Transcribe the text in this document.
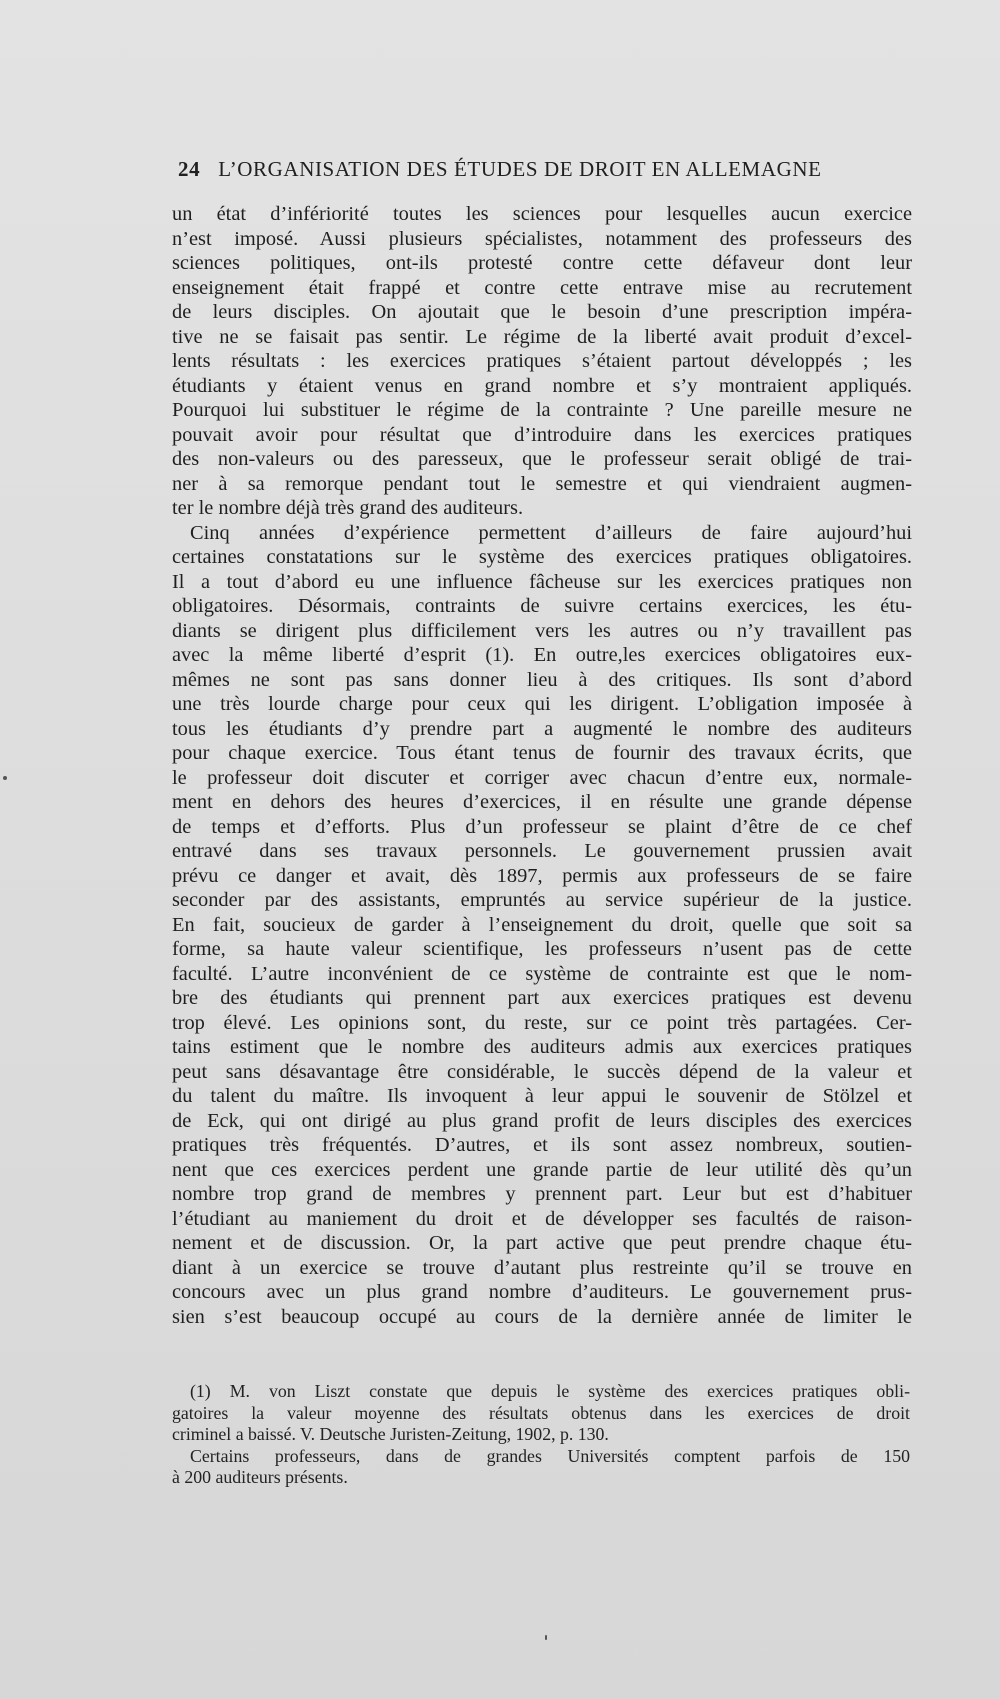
24 L’ORGANISATION DES ÉTUDES DE DROIT EN ALLEMAGNE

un état d’infériorité toutes les sciences pour lesquelles aucun exercice

n’est imposé. Aussi plusieurs spécialistes, notamment des professeurs des

sciences politiques, ont-ils protesté contre cette défaveur dont leur

enseignement était frappé et contre cette entrave mise au recrutement

de leurs disciples. On ajoutait que le besoin d’une prescription impéra-

tive ne se faisait pas sentir. Le régime de la liberté avait produit d’excel-

lents résultats : les exercices pratiques s’étaient partout développés ; les

étudiants y étaient venus en grand nombre et s’y montraient appliqués.

Pourquoi lui substituer le régime de la contrainte ? Une pareille mesure ne

pouvait avoir pour résultat que d’introduire dans les exercices pratiques

des non-valeurs ou des paresseux, que le professeur serait obligé de trai-

ner à sa remorque pendant tout le semestre et qui viendraient augmen-

ter le nombre déjà très grand des auditeurs.

Cinq années d’expérience permettent d’ailleurs de faire aujourd’hui

certaines constatations sur le système des exercices pratiques obligatoires.

Il a tout d’abord eu une influence fâcheuse sur les exercices pratiques non

obligatoires. Désormais, contraints de suivre certains exercices, les étu-

diants se dirigent plus difficilement vers les autres ou n’y travaillent pas

avec la même liberté d’esprit (1). En outre,les exercices obligatoires eux-

mêmes ne sont pas sans donner lieu à des critiques. Ils sont d’abord

une très lourde charge pour ceux qui les dirigent. L’obligation imposée à

tous les étudiants d’y prendre part a augmenté le nombre des auditeurs

pour chaque exercice. Tous étant tenus de fournir des travaux écrits, que

le professeur doit discuter et corriger avec chacun d’entre eux, normale-

ment en dehors des heures d’exercices, il en résulte une grande dépense

de temps et d’efforts. Plus d’un professeur se plaint d’être de ce chef

entravé dans ses travaux personnels. Le gouvernement prussien avait

prévu ce danger et avait, dès 1897, permis aux professeurs de se faire

seconder par des assistants, empruntés au service supérieur de la justice.

En fait, soucieux de garder à l’enseignement du droit, quelle que soit sa

forme, sa haute valeur scientifique, les professeurs n’usent pas de cette

faculté. L’autre inconvénient de ce système de contrainte est que le nom-

bre des étudiants qui prennent part aux exercices pratiques est devenu

trop élevé. Les opinions sont, du reste, sur ce point très partagées. Cer-

tains estiment que le nombre des auditeurs admis aux exercices pratiques

peut sans désavantage être considérable, le succès dépend de la valeur et

du talent du maître. Ils invoquent à leur appui le souvenir de Stölzel et

de Eck, qui ont dirigé au plus grand profit de leurs disciples des exercices

pratiques très fréquentés. D’autres, et ils sont assez nombreux, soutien-

nent que ces exercices perdent une grande partie de leur utilité dès qu’un

nombre trop grand de membres y prennent part. Leur but est d’habituer

l’étudiant au maniement du droit et de développer ses facultés de raison-

nement et de discussion. Or, la part active que peut prendre chaque étu-

diant à un exercice se trouve d’autant plus restreinte qu’il se trouve en

concours avec un plus grand nombre d’auditeurs. Le gouvernement prus-

sien s’est beaucoup occupé au cours de la dernière année de limiter le

(1) M. von Liszt constate que depuis le système des exercices pratiques obli-

gatoires la valeur moyenne des résultats obtenus dans les exercices de droit

criminel a baissé. V. Deutsche Juristen-Zeitung, 1902, p. 130.

Certains professeurs, dans de grandes Universités comptent parfois de 150

à 200 auditeurs présents.
